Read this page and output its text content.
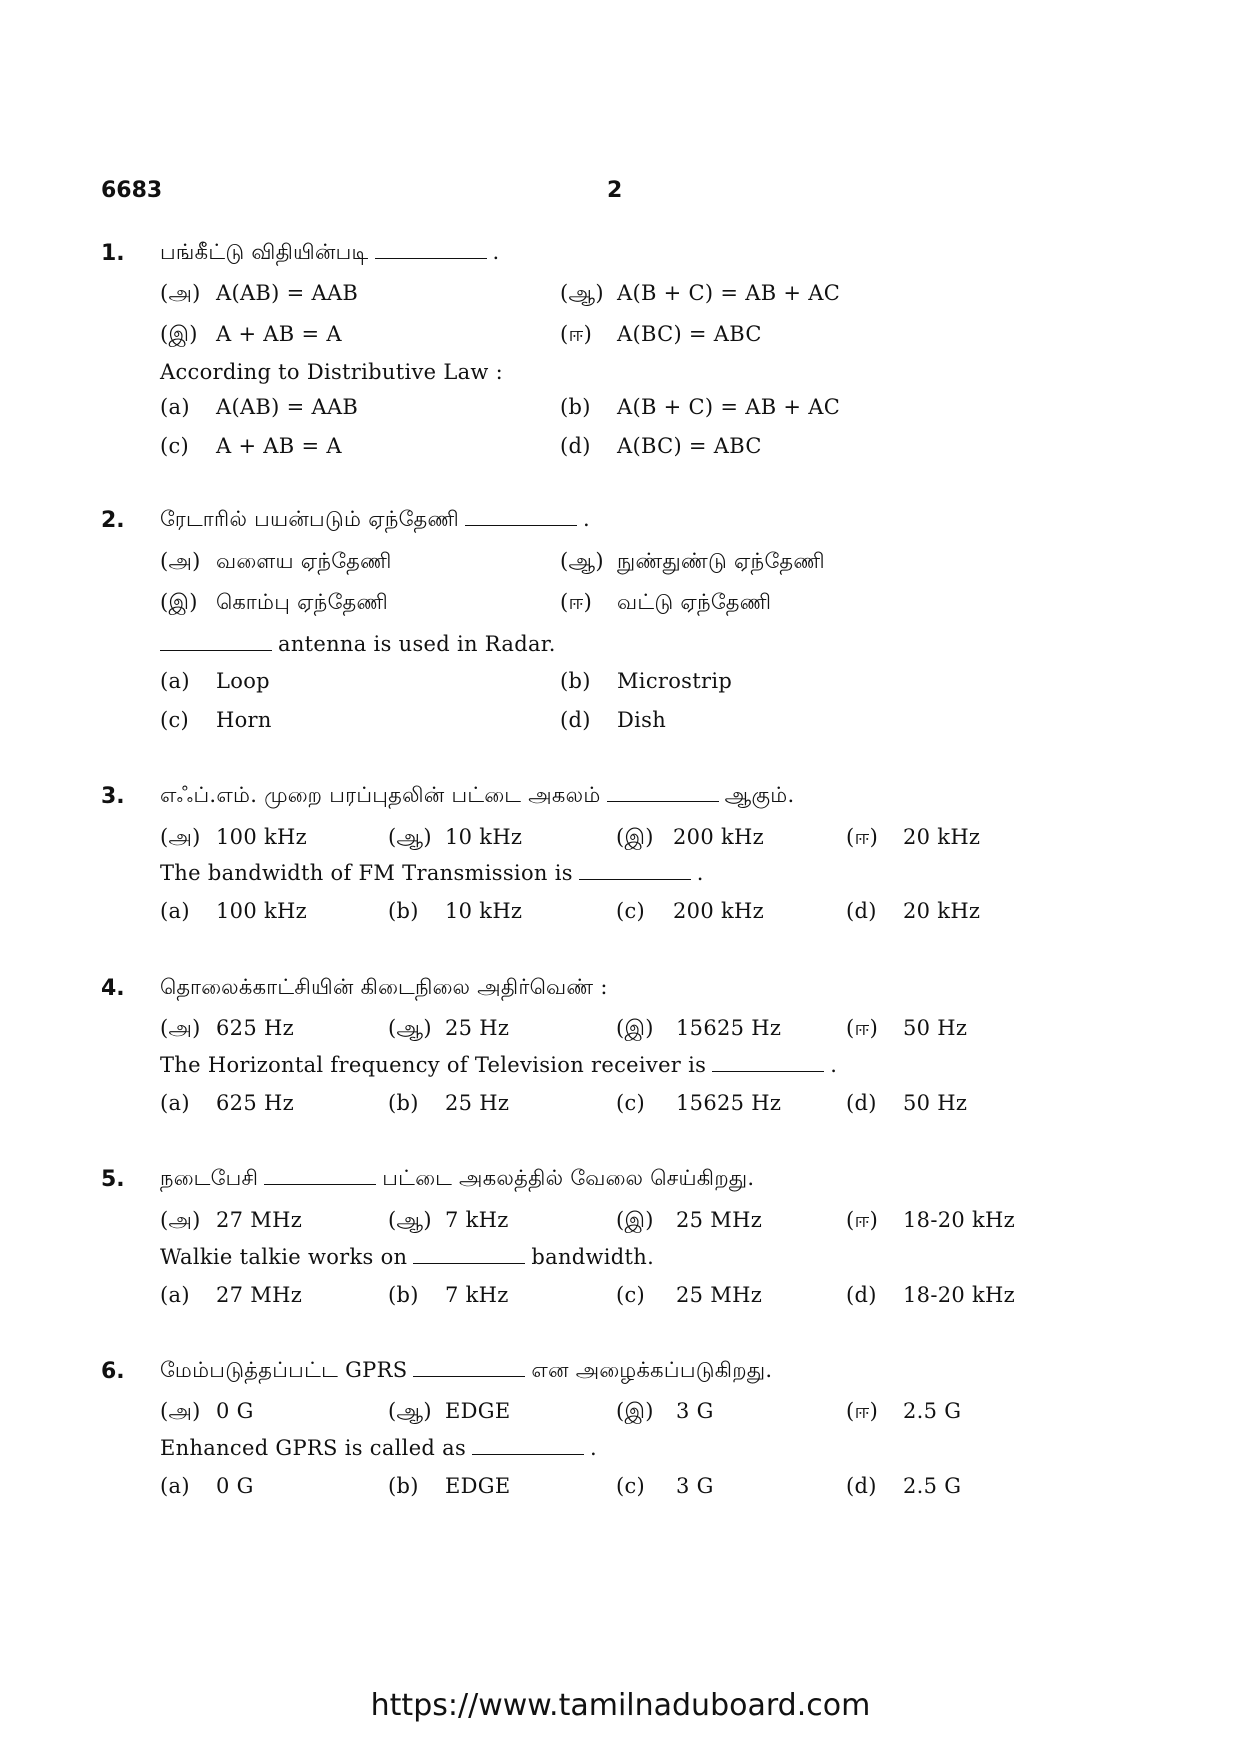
6683	2
1. பங்கீட்டு விதியின்படி	.
(அ) A(AB) = AAB	(ஆ) A(B + C) = AB + AC
(இ) A + AB = A	(ஈ) A(BC) = ABC
According to Distributive Law :
(a) A(AB) = AAB	(b) A(B + C) = AB + AC
(c) A + AB = A	(d) A(BC) = ABC
2. ரேடாரில் பயன்படும் ஏந்தேணி	.
(அ) வளைய ஏந்தேணி	(ஆ) நுண்துண்டு ஏந்தேணி
(இ) கொம்பு ஏந்தேணி	(ஈ) வட்டு ஏந்தேணி
antenna is used in Radar.
(a) Loop	(b) Microstrip
(c) Horn	(d) Dish
3. எஃப்.எம். முறை பரப்புதலின் பட்டை அகலம்	ஆகும்.
(அ) 100 kHz	(ஆ) 10 kHz	(இ) 200 kHz	(ஈ) 20 kHz
The bandwidth of FM Transmission is	.
(a) 100 kHz	(b) 10 kHz	(c) 200 kHz	(d) 20 kHz
4. தொலைக்காட்சியின் கிடைநிலை அதிர்வெண் :
(அ) 625 Hz	(ஆ) 25 Hz	(இ) 15625 Hz	(ஈ) 50 Hz
The Horizontal frequency of Television receiver is	.
(a) 625 Hz	(b) 25 Hz	(c) 15625 Hz	(d) 50 Hz
5. நடைபேசி	பட்டை அகலத்தில் வேலை செய்கிறது.
(அ) 27 MHz	(ஆ) 7 kHz	(இ) 25 MHz	(ஈ) 18-20 kHz
Walkie talkie works on	bandwidth.
(a) 27 MHz	(b) 7 kHz	(c) 25 MHz	(d) 18-20 kHz
6. மேம்படுத்தப்பட்ட GPRS	என அழைக்கப்படுகிறது.
(அ) 0 G	(ஆ) EDGE	(இ) 3 G	(ஈ) 2.5 G
Enhanced GPRS is called as	.
(a) 0 G	(b) EDGE	(c) 3 G	(d) 2.5 G
https://www.tamilnaduboard.com
